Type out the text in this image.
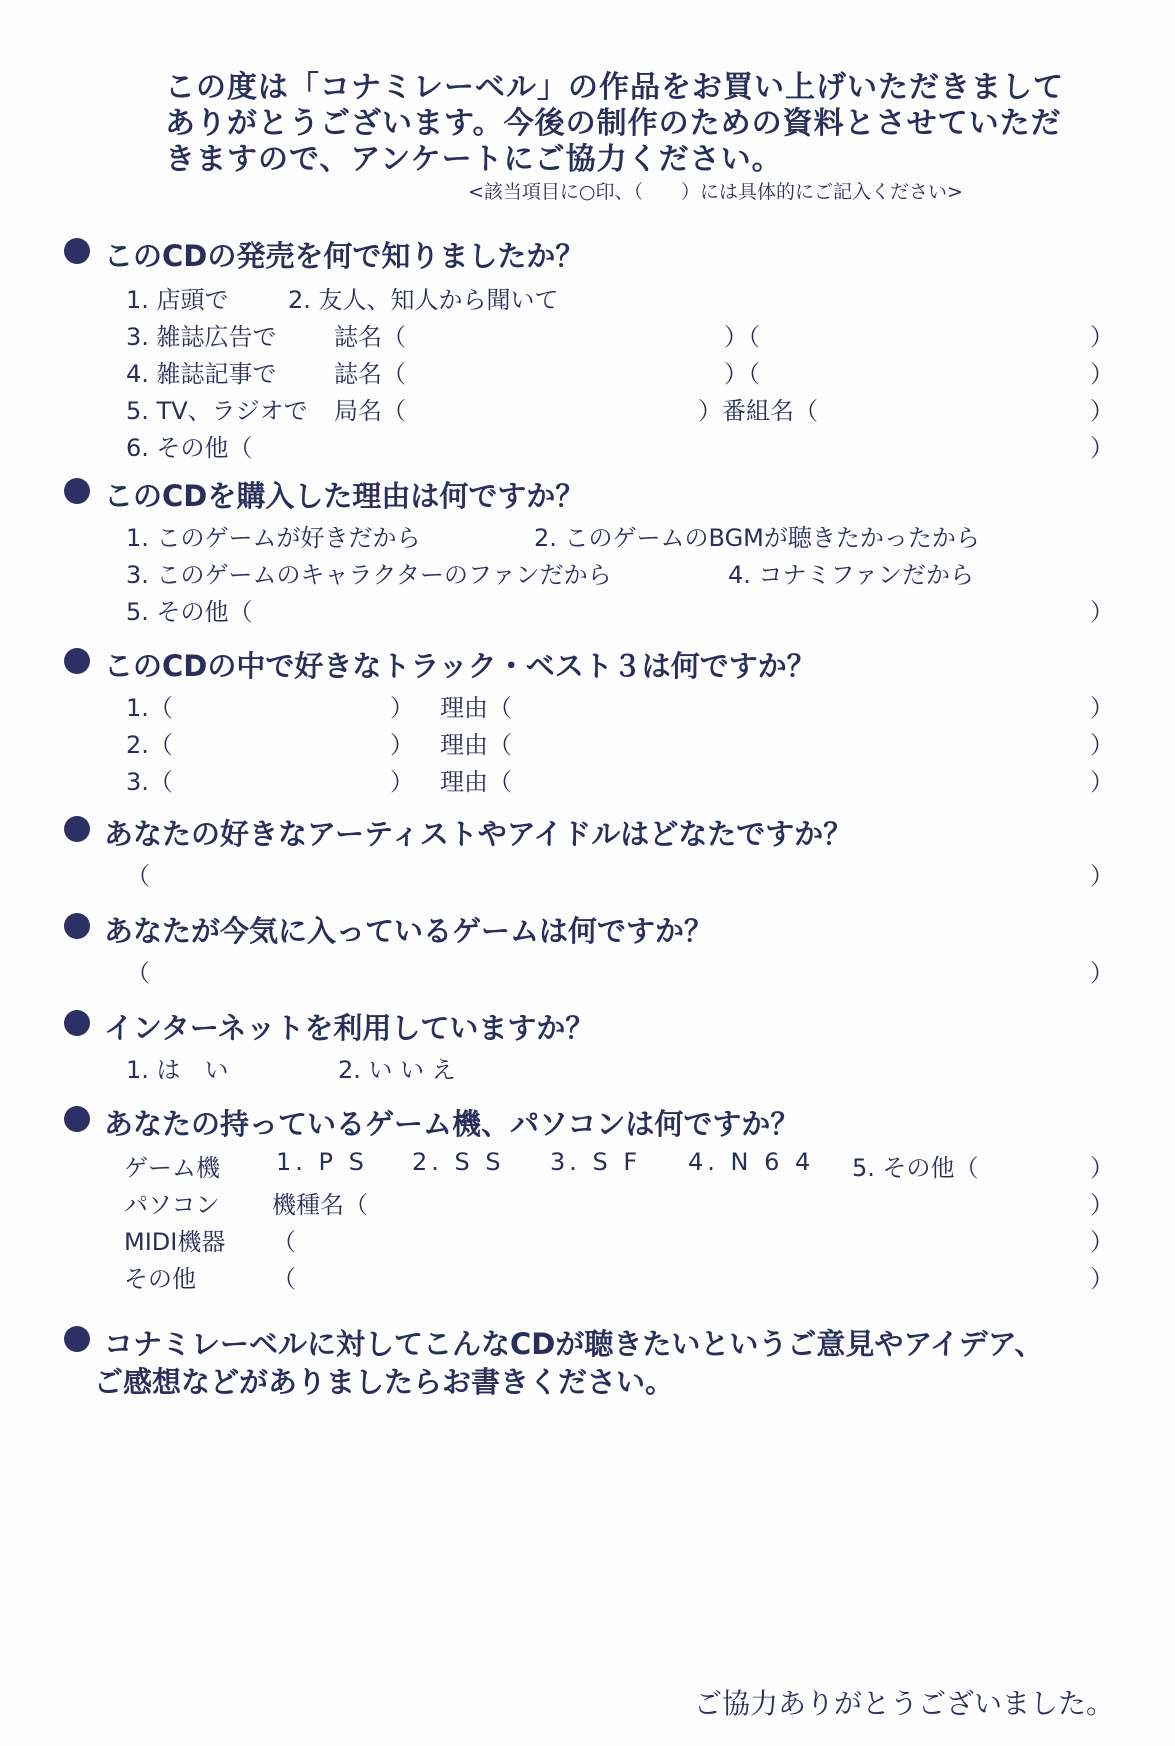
この度は「コナミレーベル」の作品をお買い上げいただきまして
ありがとうございます。今後の制作のための資料とさせていただ
きますので、アンケートにご協力ください。
<該当項目に○印、（　　）には具体的にご記入ください>
このCDの発売を何で知りましたか？
1. 店頭で 2. 友人、知人から聞いて
3. 雑誌広告で 誌名（	）（	）
4. 雑誌記事で 誌名（	）（	）
5. TV、ラジオで 局名（	）番組名（	）
6. その他（	）
このCDを購入した理由は何ですか？
1. このゲームが好きだから	2. このゲームのBGMが聴きたかったから
3. このゲームのキャラクターのファンだから	4. コナミファンだから
5. その他（	）
このCDの中で好きなトラック・ベスト３は何ですか？
1.（	） 理由（	）
2.（	） 理由（	）
3.（	） 理由（	）
あなたの好きなアーティストやアイドルはどなたですか？
（	）
あなたが今気に入っているゲームは何ですか？
（	）
インターネットを利用していますか？
1. は　い	2. い い え
あなたの持っているゲーム機、パソコンは何ですか？
ゲーム機 1. P S 2. S S 3. S F 4. N 6 4 5. その他（	）
パソコン 機種名（	）
MIDI機器 （	）
その他	（	）
コナミレーベルに対してこんなCDが聴きたいというご意見やアイデア、
ご感想などがありましたらお書きください。
ご協力ありがとうございました。
